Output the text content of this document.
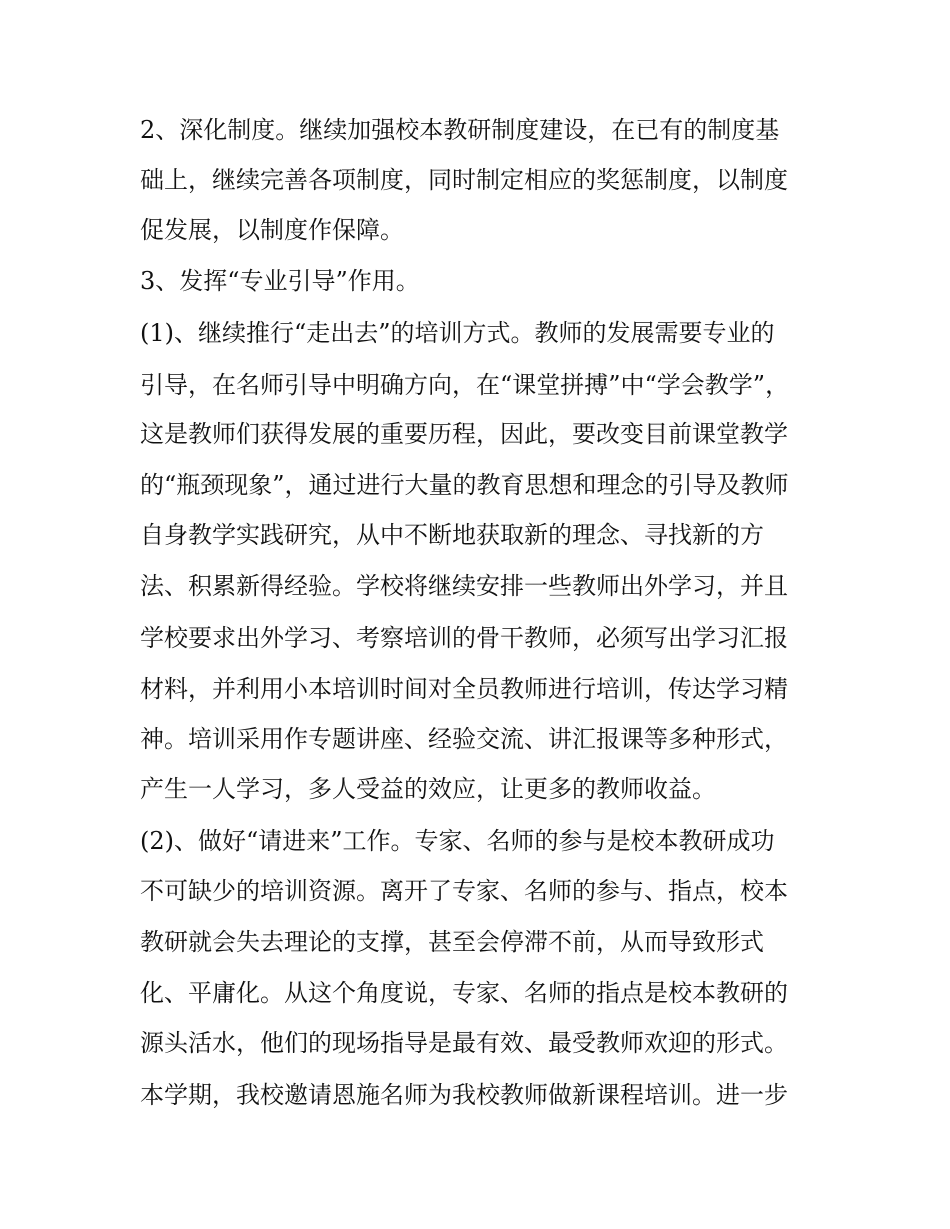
2、深化制度。继续加强校本教研制度建设，在已有的制度基
础上，继续完善各项制度，同时制定相应的奖惩制度，以制度
促发展，以制度作保障。
3、发挥“专业引导”作用。
(1)、继续推行“走出去”的培训方式。教师的发展需要专业的
引导，在名师引导中明确方向，在“课堂拼搏”中“学会教学”，
这是教师们获得发展的重要历程，因此，要改变目前课堂教学
的“瓶颈现象”，通过进行大量的教育思想和理念的引导及教师
自身教学实践研究，从中不断地获取新的理念、寻找新的方
法、积累新得经验。学校将继续安排一些教师出外学习，并且
学校要求出外学习、考察培训的骨干教师，必须写出学习汇报
材料，并利用小本培训时间对全员教师进行培训，传达学习精
神。培训采用作专题讲座、经验交流、讲汇报课等多种形式，
产生一人学习，多人受益的效应，让更多的教师收益。
(2)、做好“请进来”工作。专家、名师的参与是校本教研成功
不可缺少的培训资源。离开了专家、名师的参与、指点，校本
教研就会失去理论的支撑，甚至会停滞不前，从而导致形式
化、平庸化。从这个角度说，专家、名师的指点是校本教研的
源头活水，他们的现场指导是最有效、最受教师欢迎的形式。
本学期，我校邀请恩施名师为我校教师做新课程培训。进一步
